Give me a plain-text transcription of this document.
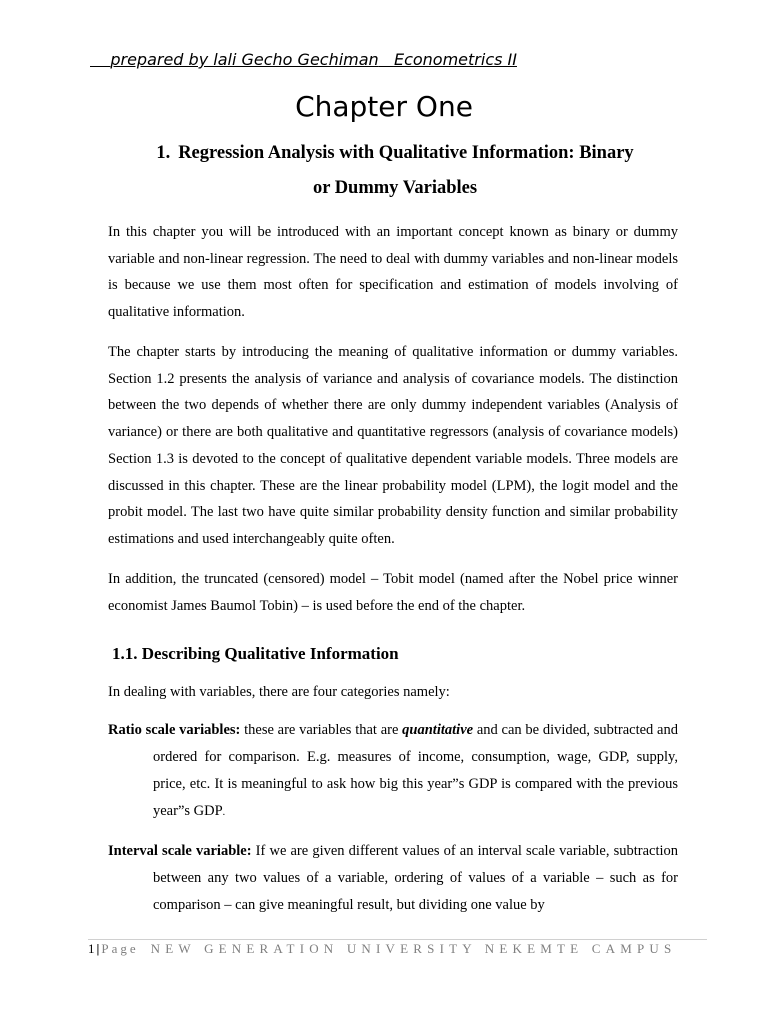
prepared by lali Gecho Gechiman Econometrics II
Chapter One
1. Regression Analysis with Qualitative Information: Binary
or Dummy Variables

In this chapter you will be introduced with an important concept known as binary or dummy variable and non-linear regression. The need to deal with dummy variables and non-linear models is because we use them most often for specification and estimation of models involving of qualitative information.

The chapter starts by introducing the meaning of qualitative information or dummy variables. Section 1.2 presents the analysis of variance and analysis of covariance models. The distinction between the two depends of whether there are only dummy independent variables (Analysis of variance) or there are both qualitative and quantitative regressors (analysis of covariance models) Section 1.3 is devoted to the concept of qualitative dependent variable models. Three models are discussed in this chapter. These are the linear probability model (LPM), the logit model and the probit model. The last two have quite similar probability density function and similar probability estimations and used interchangeably quite often.

In addition, the truncated (censored) model – Tobit model (named after the Nobel price winner economist James Baumol Tobin) – is used before the end of the chapter.

1.1. Describing Qualitative Information

In dealing with variables, there are four categories namely:

Ratio scale variables: these are variables that are quantitative and can be divided, subtracted and ordered for comparison. E.g. measures of income, consumption, wage, GDP, supply, price, etc. It is meaningful to ask how big this year”s GDP is compared with the previous year”s GDP.

Interval scale variable: If we are given different values of an interval scale variable, subtraction between any two values of a variable, ordering of values of a variable – such as for comparison – can give meaningful result, but dividing one value by

1 | Page NEW GENERATION UNIVERSITY NEKEMTE CAMPUS
